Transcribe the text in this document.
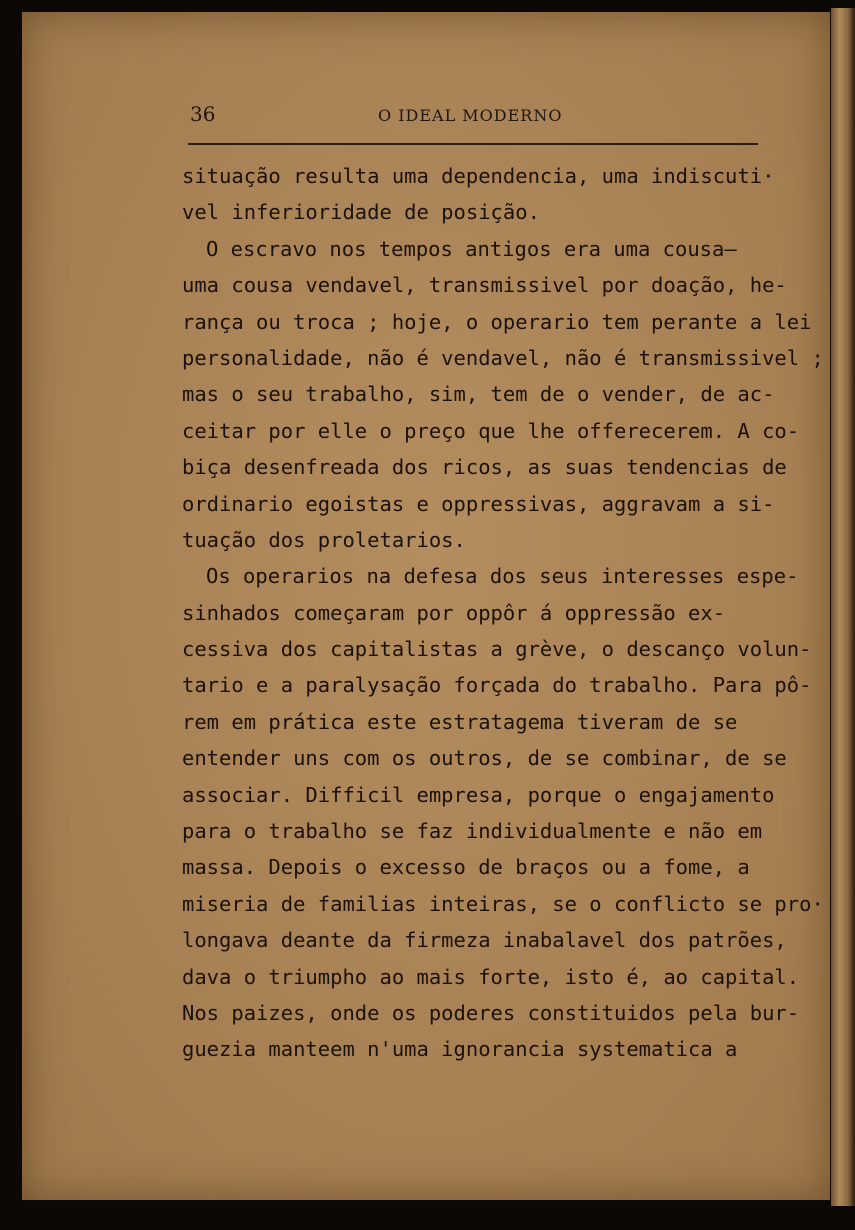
36	O IDEAL MODERNO
situação resulta uma dependencia, uma indiscuti·
vel inferioridade de posição.
O escravo nos tempos antigos era uma cousa—
uma cousa vendavel, transmissivel por doação, he-
rança ou troca ; hoje, o operario tem perante a lei
personalidade, não é vendavel, não é transmissivel ;
mas o seu trabalho, sim, tem de o vender, de ac-
ceitar por elle o preço que lhe offerecerem. A co-
biça desenfreada dos ricos, as suas tendencias de
ordinario egoistas e oppressivas, aggravam a si-
tuação dos proletarios.
Os operarios na defesa dos seus interesses espe-
sinhados começaram por oppôr á oppressão ex-
cessiva dos capitalistas a grève, o descanço volun-
tario e a paralysação forçada do trabalho. Para pô-
rem em prática este estratagema tiveram de se
entender uns com os outros, de se combinar, de se
associar. Difficil empresa, porque o engajamento
para o trabalho se faz individualmente e não em
massa. Depois o excesso de braços ou a fome, a
miseria de familias inteiras, se o conflicto se pro·
longava deante da firmeza inabalavel dos patrões,
dava o triumpho ao mais forte, isto é, ao capital.
Nos paizes, onde os poderes constituidos pela bur-
guezia manteem n'uma ignorancia systematica a
